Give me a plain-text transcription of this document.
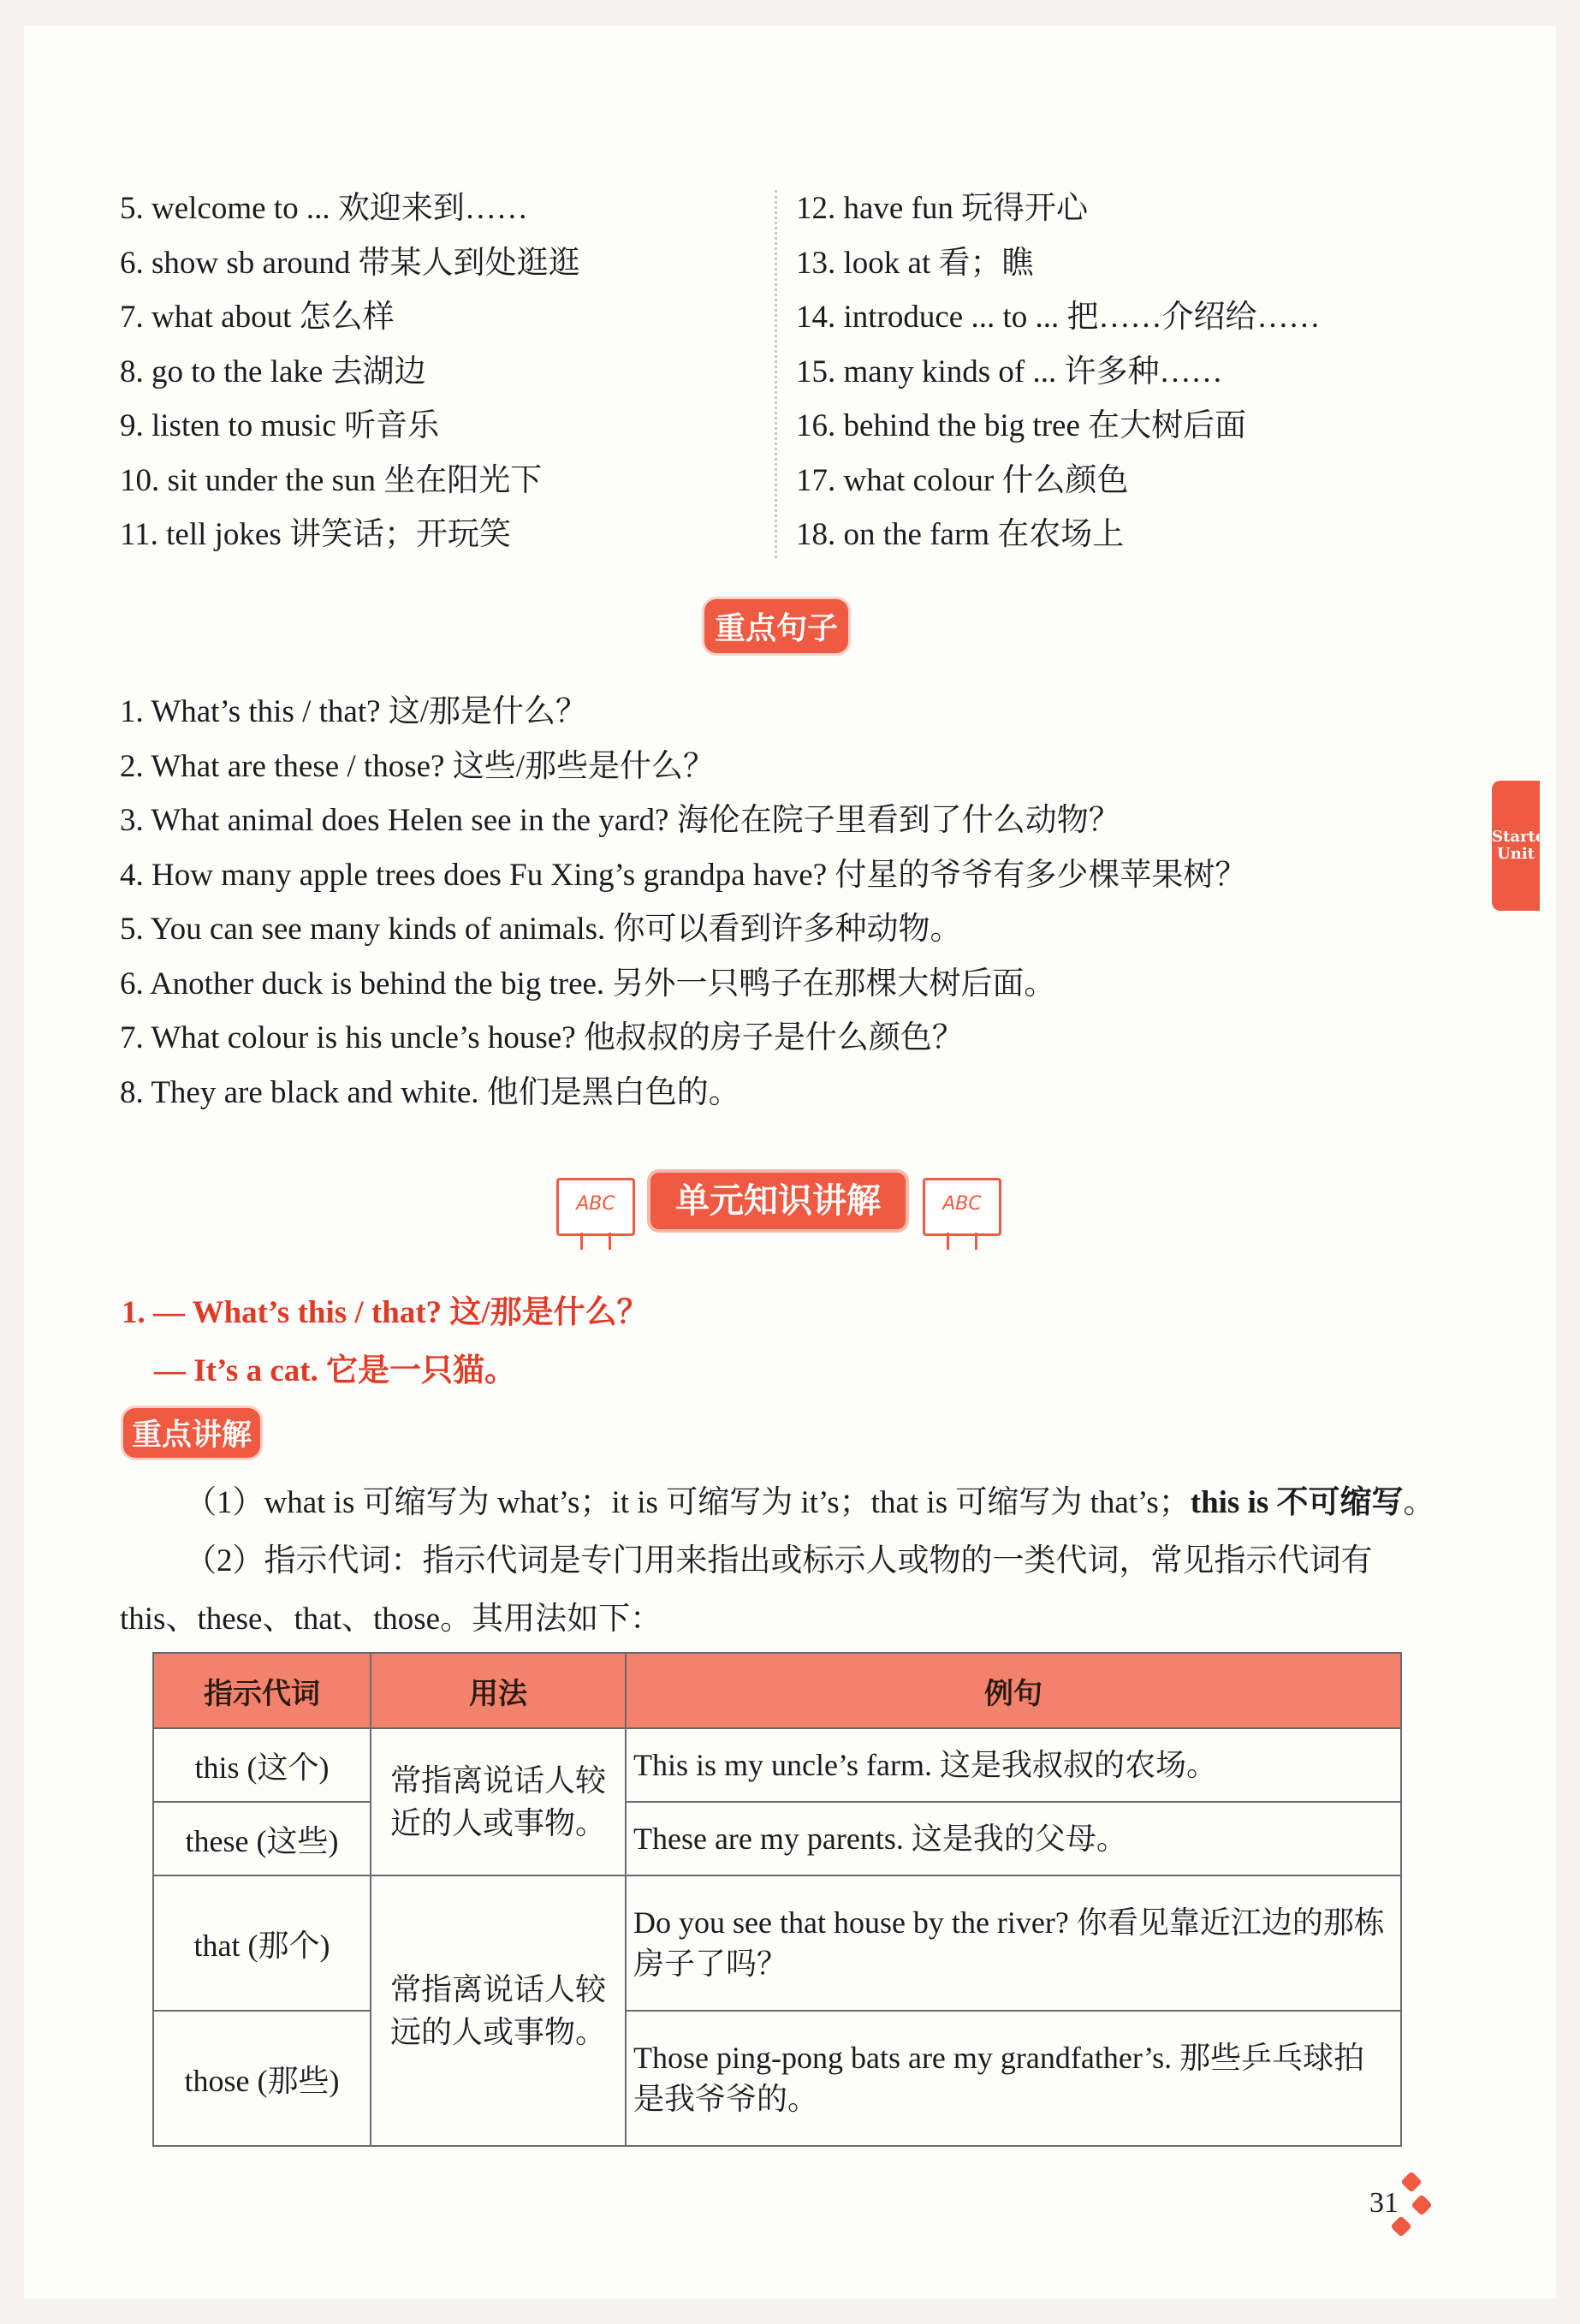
Starter Unit
5. welcome to ... 欢迎来到……
6. show sb around 带某人到处逛逛
7. what about 怎么样
8. go to the lake 去湖边
9. listen to music 听音乐
10. sit under the sun 坐在阳光下
11. tell jokes 讲笑话；开玩笑
12. have fun 玩得开心
13. look at 看；瞧
14. introduce ... to ... 把……介绍给……
15. many kinds of ... 许多种……
16. behind the big tree 在大树后面
17. what colour 什么颜色
18. on the farm 在农场上
重点句子
1. What’s this / that? 这/那是什么？
2. What are these / those? 这些/那些是什么？
3. What animal does Helen see in the yard? 海伦在院子里看到了什么动物？
4. How many apple trees does Fu Xing’s grandpa have? 付星的爷爷有多少棵苹果树？
5. You can see many kinds of animals. 你可以看到许多种动物。
6. Another duck is behind the big tree. 另外一只鸭子在那棵大树后面。
7. What colour is his uncle’s house? 他叔叔的房子是什么颜色？
8. They are black and white. 他们是黑白色的。
ABC	单元知识讲解	ABC
1. — What’s this / that? 这/那是什么？
— It’s a cat. 它是一只猫。
重点讲解
（1）what is 可缩写为 what’s；it is 可缩写为 it’s；that is 可缩写为 that’s；this is 不可缩写。
（2）指示代词：指示代词是专门用来指出或标示人或物的一类代词，常见指示代词有 this、these、that、those。其用法如下：
指示代词	用法	例句
this (这个)	常指离说话人较近的人或事物。	This is my uncle’s farm. 这是我叔叔的农场。
these (这些)		These are my parents. 这是我的父母。
that (那个)	常指离说话人较远的人或事物。	Do you see that house by the river? 你看见靠近江边的那栋房子了吗？
those (那些)		Those ping-pong bats are my grandfather’s. 那些乒乓球拍是我爷爷的。
31
